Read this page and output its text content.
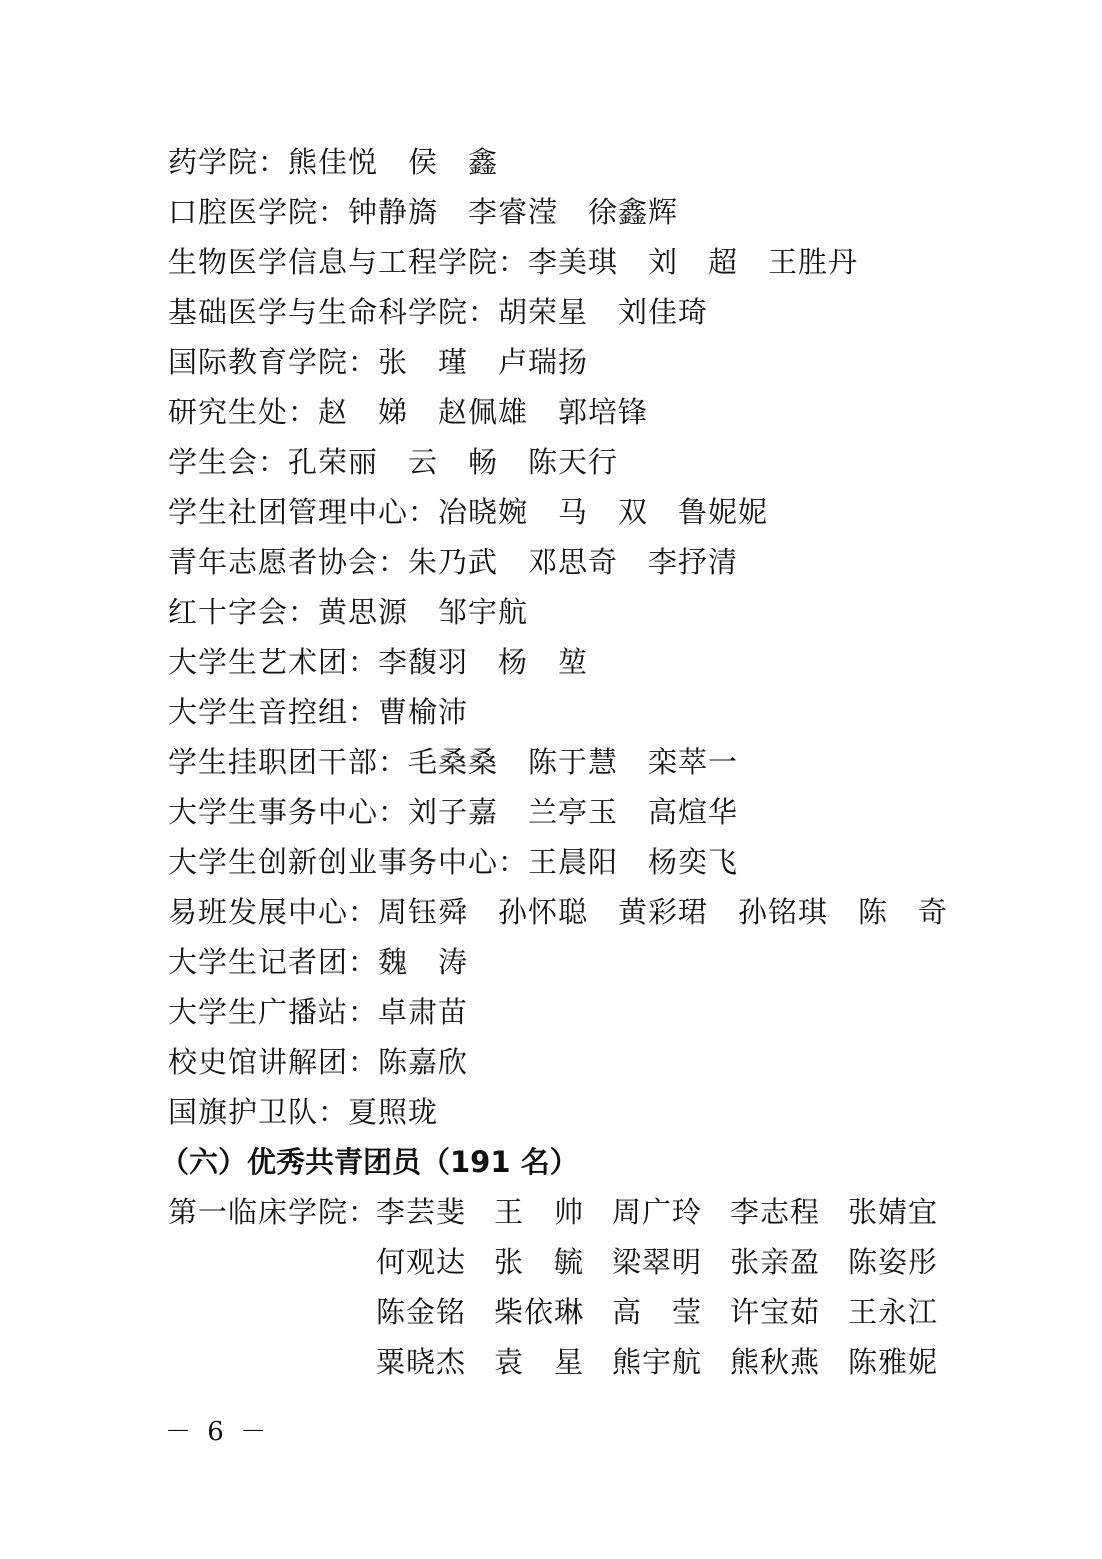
药学院：熊佳悦　侯　鑫
口腔医学院：钟静旖　李睿滢　徐鑫辉
生物医学信息与工程学院：李美琪　刘　超　王胜丹
基础医学与生命科学院：胡荣星　刘佳琦
国际教育学院：张　瑾　卢瑞扬
研究生处：赵　娣　赵佩雄　郭培锋
学生会：孔荣丽　云　畅　陈天行
学生社团管理中心：冶晓婉　马　双　鲁妮妮
青年志愿者协会：朱乃武　邓思奇　李抒清
红十字会：黄思源　邹宇航
大学生艺术团：李馥羽　杨　堃
大学生音控组：曹榆沛
学生挂职团干部：毛桑桑　陈于慧　栾萃一
大学生事务中心：刘子嘉　兰亭玉　高煊华
大学生创新创业事务中心：王晨阳　杨奕飞
易班发展中心：周钰舜　孙怀聪　黄彩珺　孙铭琪　陈　奇
大学生记者团：魏　涛
大学生广播站：卓肃苗
校史馆讲解团：陈嘉欣
国旗护卫队：夏照珑
（六）优秀共青团员（191 名）
第一临床学院：李芸斐 王　帅 周广玲 李志程 张婧宜
何观达 张　毓 梁翠明 张亲盈 陈姿彤
陈金铭 柴依琳 高　莹 许宝茹 王永江
粟晓杰 袁　星 熊宇航 熊秋燕 陈雅妮
－ 6 －
